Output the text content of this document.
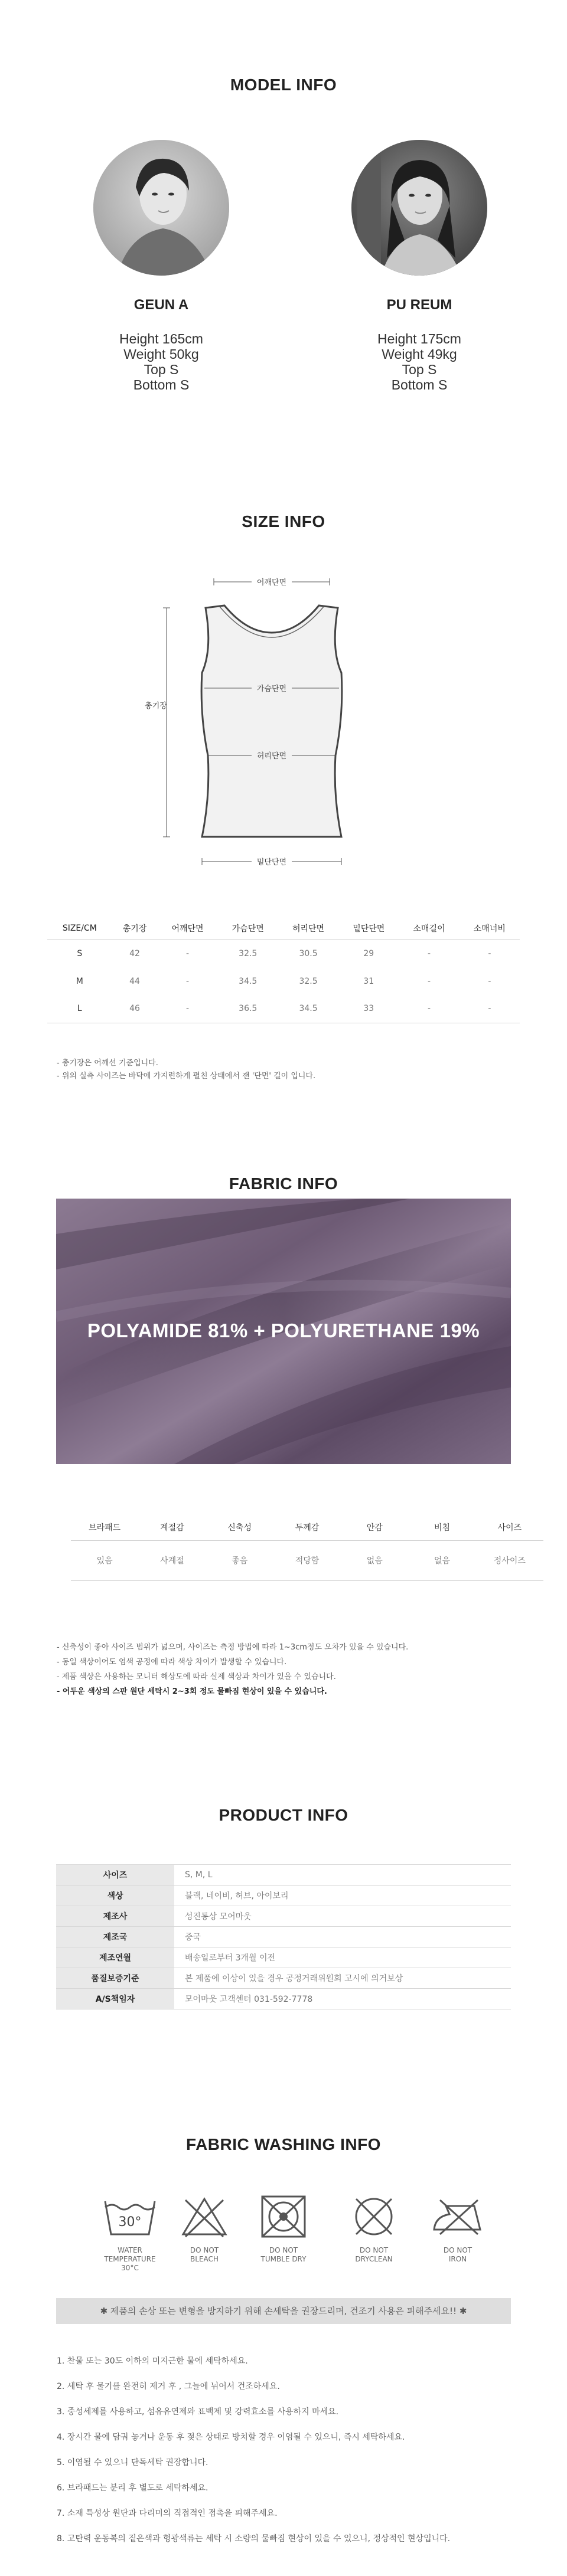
MODEL INFO
GEUN A
Height 165cm
Weight 50kg
Top S
Bottom S
PU REUM
Height 175cm
Weight 49kg
Top S
Bottom S
SIZE INFO
어깨단면
가슴단면
허리단면
밑단단면
총기장
SIZE/CM	총기장	어깨단면	가슴단면	허리단면	밑단단면	소매길이	소매너비
S	42	-	32.5	30.5	29	-	-
M	44	-	34.5	32.5	31	-	-
L	46	-	36.5	34.5	33	-	-
- 총기장은 어깨선 기준입니다.
- 위의 실측 사이즈는 바닥에 가지런하게 펼친 상태에서 잰 '단면' 길이 입니다.
FABRIC INFO
POLYAMIDE 81% + POLYURETHANE 19%
브라패드	계절감	신축성	두께감	안감	비침	사이즈
있음	사계절	좋음	적당함	없음	없음	정사이즈
- 신축성이 좋아 사이즈 범위가 넓으며, 사이즈는 측정 방법에 따라 1~3cm정도 오차가 있을 수 있습니다.
- 동일 색상이어도 염색 공정에 따라 색상 차이가 발생할 수 있습니다.
- 제품 색상은 사용하는 모니터 해상도에 따라 실제 색상과 차이가 있을 수 있습니다.
- 어두운 색상의 스판 원단 세탁시 2~3회 정도 물빠짐 현상이 있을 수 있습니다.
PRODUCT INFO
사이즈	S, M, L
색상	블랙, 네이비, 허브, 아이보리
제조사	성진통상 모어마웃
제조국	중국
제조연월	배송일로부터 3개월 이전
품질보증기준	본 제품에 이상이 있을 경우 공정거래위원회 고시에 의거보상
A/S책임자	모어마웃 고객센터 031-592-7778
FABRIC WASHING INFO
30°
WATER
TEMPERATURE 30°C
DO NOT
BLEACH
DO NOT
TUMBLE DRY
DO NOT
DRYCLEAN
DO NOT
IRON
✱ 제품의 손상 또는 변형을 방지하기 위해 손세탁을 권장드리며, 건조기 사용은 피해주세요!! ✱
1. 찬물 또는 30도 이하의 미지근한 물에 세탁하세요.
2. 세탁 후 물기를 완전히 제거 후 , 그늘에 뉘어서 건조하세요.
3. 중성세제를 사용하고, 섬유유연제와 표백제 및 강력효소를 사용하지 마세요.
4. 장시간 물에 담궈 놓거나 운동 후 젖은 상태로 방치할 경우 이염될 수 있으니, 즉시 세탁하세요.
5. 이염될 수 있으니 단독세탁 권장합니다.
6. 브라패드는 분리 후 별도로 세탁하세요.
7. 소재 특성상 원단과 다리미의 직접적인 접촉을 피해주세요.
8. 고탄력 운동복의 짙은색과 형광색류는 세탁 시 소량의 물빠짐 현상이 있을 수 있으니, 정상적인 현상입니다.
